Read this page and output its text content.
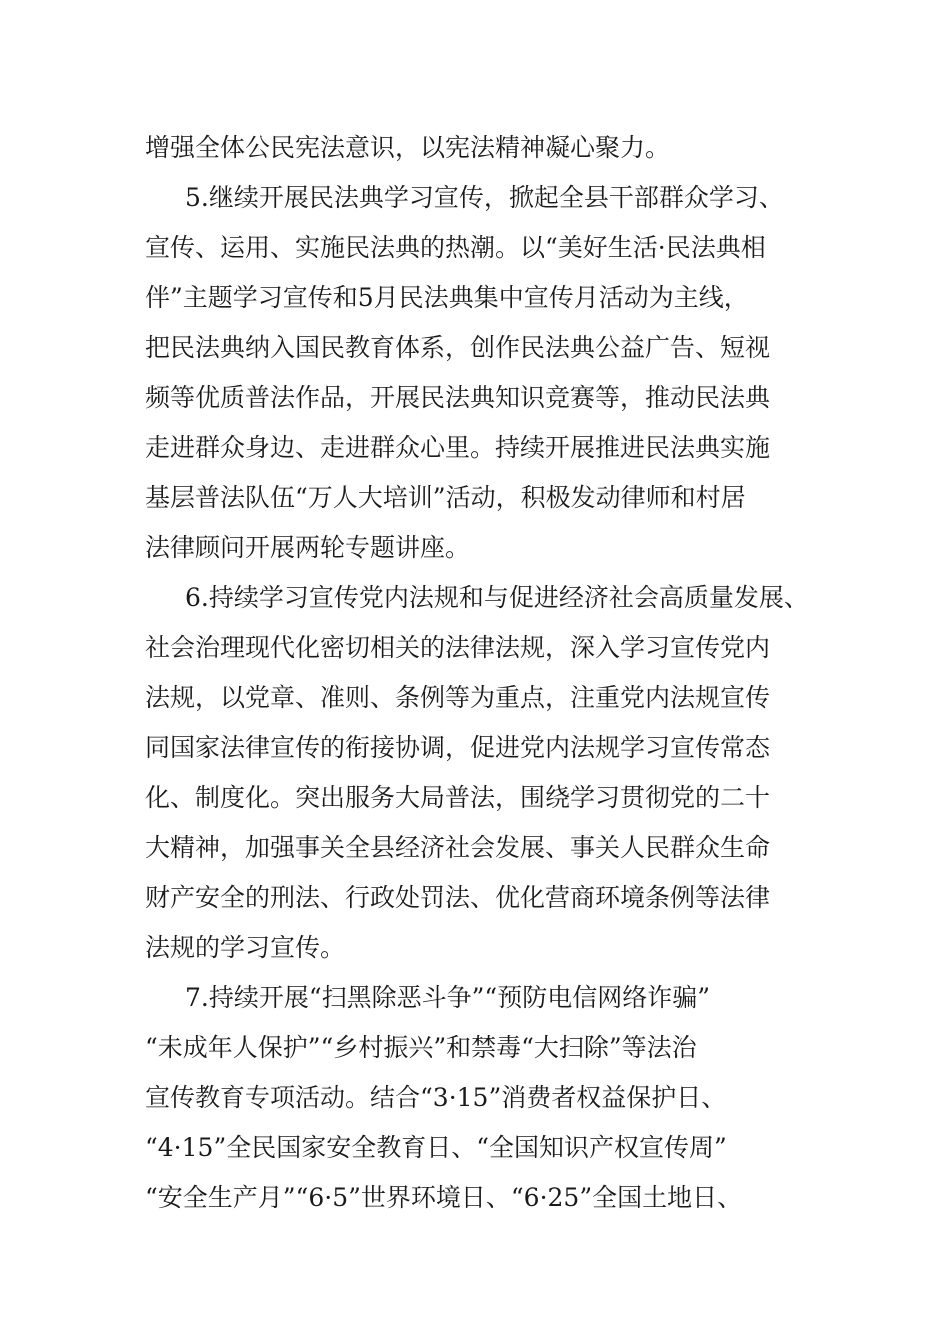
增强全体公民宪法意识，以宪法精神凝心聚力。
5.继续开展民法典学习宣传，掀起全县干部群众学习、
宣传、运用、实施民法典的热潮。以“美好生活·民法典相
伴”主题学习宣传和5月民法典集中宣传月活动为主线，
把民法典纳入国民教育体系，创作民法典公益广告、短视
频等优质普法作品，开展民法典知识竞赛等，推动民法典
走进群众身边、走进群众心里。持续开展推进民法典实施
基层普法队伍“万人大培训”活动，积极发动律师和村居
法律顾问开展两轮专题讲座。
6.持续学习宣传党内法规和与促进经济社会高质量发展、
社会治理现代化密切相关的法律法规，深入学习宣传党内
法规，以党章、准则、条例等为重点，注重党内法规宣传
同国家法律宣传的衔接协调，促进党内法规学习宣传常态
化、制度化。突出服务大局普法，围绕学习贯彻党的二十
大精神，加强事关全县经济社会发展、事关人民群众生命
财产安全的刑法、行政处罚法、优化营商环境条例等法律
法规的学习宣传。
7.持续开展“扫黑除恶斗争”“预防电信网络诈骗”
“未成年人保护”“乡村振兴”和禁毒“大扫除”等法治
宣传教育专项活动。结合“3·15”消费者权益保护日、
“4·15”全民国家安全教育日、“全国知识产权宣传周”
“安全生产月”“6·5”世界环境日、“6·25”全国土地日、
